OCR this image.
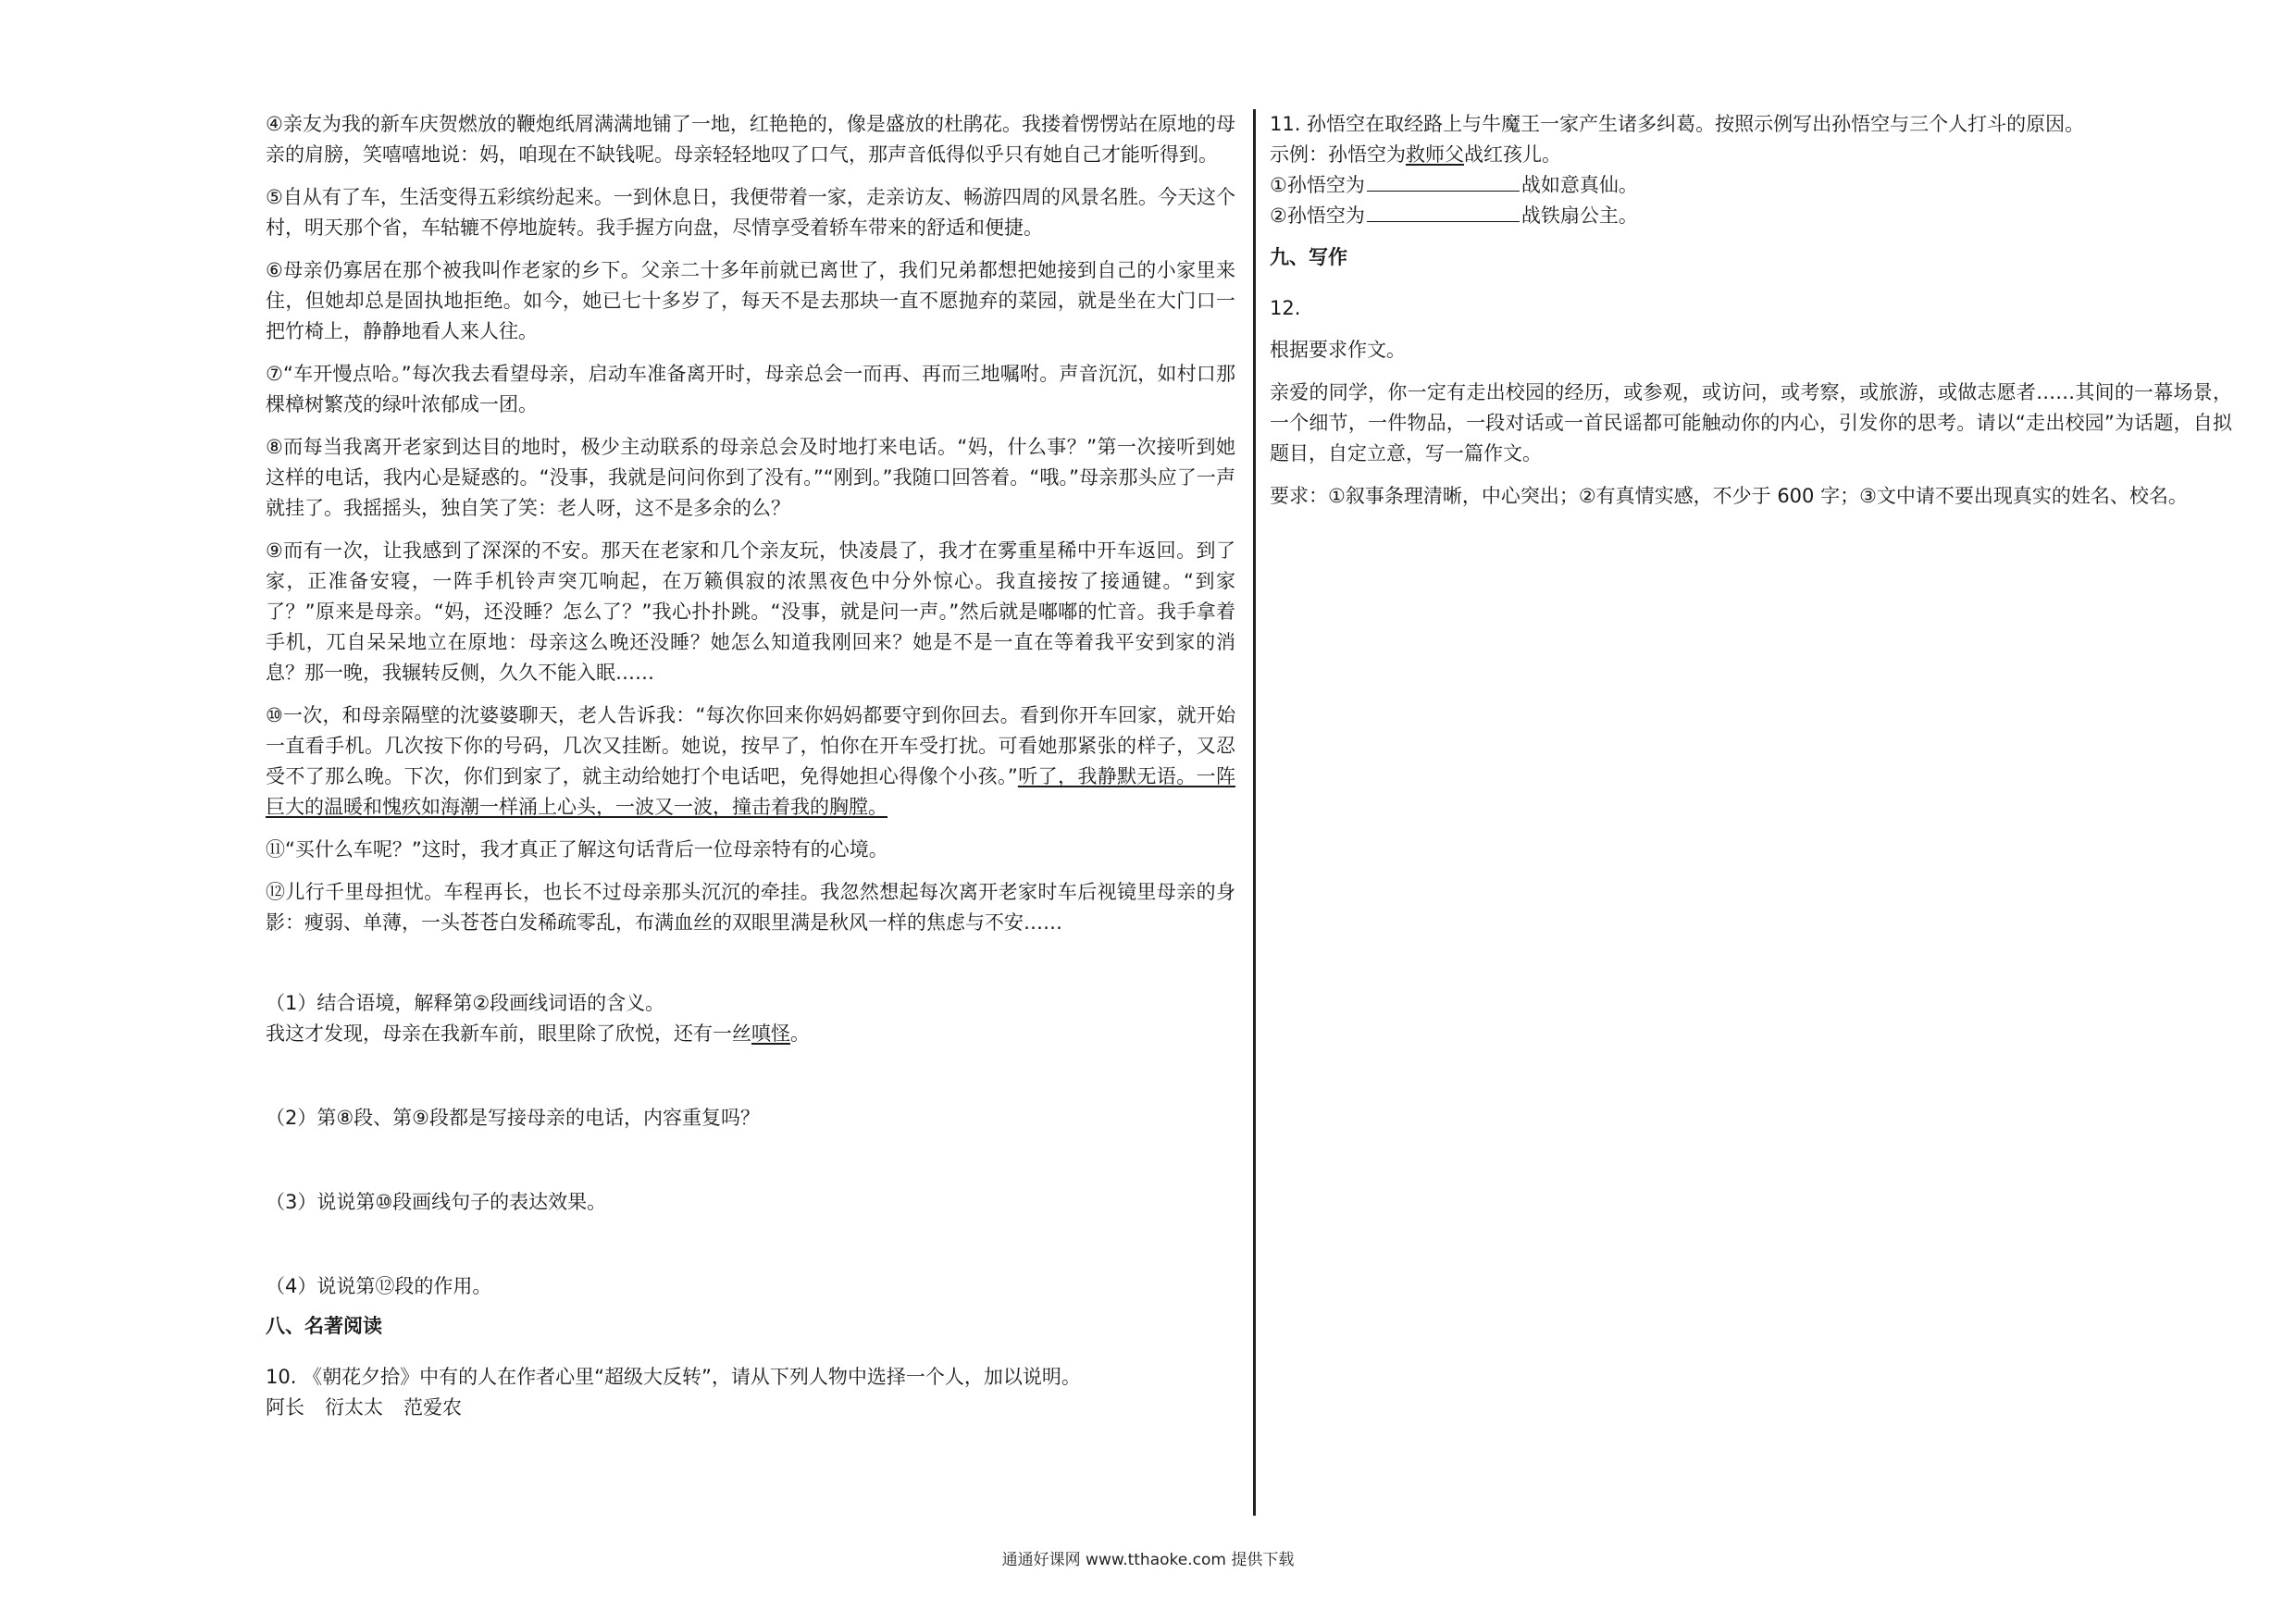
④亲友为我的新车庆贺燃放的鞭炮纸屑满满地铺了一地，红艳艳的，像是盛放的杜鹃花。我搂着愣愣站在原地的母亲的肩膀，笑嘻嘻地说：妈，咱现在不缺钱呢。母亲轻轻地叹了口气，那声音低得似乎只有她自己才能听得到。

⑤自从有了车，生活变得五彩缤纷起来。一到休息日，我便带着一家，走亲访友、畅游四周的风景名胜。今天这个村，明天那个省，车轱辘不停地旋转。我手握方向盘，尽情享受着轿车带来的舒适和便捷。

⑥母亲仍寡居在那个被我叫作老家的乡下。父亲二十多年前就已离世了，我们兄弟都想把她接到自己的小家里来住，但她却总是固执地拒绝。如今，她已七十多岁了，每天不是去那块一直不愿抛弃的菜园，就是坐在大门口一把竹椅上，静静地看人来人往。

⑦“车开慢点哈。”每次我去看望母亲，启动车准备离开时，母亲总会一而再、再而三地嘱咐。声音沉沉，如村口那棵樟树繁茂的绿叶浓郁成一团。

⑧而每当我离开老家到达目的地时，极少主动联系的母亲总会及时地打来电话。“妈，什么事？”第一次接听到她这样的电话，我内心是疑惑的。“没事，我就是问问你到了没有。”“刚到。”我随口回答着。“哦。”母亲那头应了一声就挂了。我摇摇头，独自笑了笑：老人呀，这不是多余的么？

⑨而有一次，让我感到了深深的不安。那天在老家和几个亲友玩，快凌晨了，我才在雾重星稀中开车返回。到了家，正准备安寝，一阵手机铃声突兀响起，在万籁俱寂的浓黑夜色中分外惊心。我直接按了接通键。“到家了？”原来是母亲。“妈，还没睡？怎么了？”我心扑扑跳。“没事，就是问一声。”然后就是嘟嘟的忙音。我手拿着手机，兀自呆呆地立在原地：母亲这么晚还没睡？她怎么知道我刚回来？她是不是一直在等着我平安到家的消息？那一晚，我辗转反侧，久久不能入眠……

⑩一次，和母亲隔壁的沈婆婆聊天，老人告诉我：“每次你回来你妈妈都要守到你回去。看到你开车回家，就开始一直看手机。几次按下你的号码，几次又挂断。她说，按早了，怕你在开车受打扰。可看她那紧张的样子，又忍受不了那么晚。下次，你们到家了，就主动给她打个电话吧，免得她担心得像个小孩。”听了，我静默无语。一阵巨大的温暖和愧疚如海潮一样涌上心头，一波又一波，撞击着我的胸膛。

⑪“买什么车呢？”这时，我才真正了解这句话背后一位母亲特有的心境。

⑫儿行千里母担忧。车程再长，也长不过母亲那头沉沉的牵挂。我忽然想起每次离开老家时车后视镜里母亲的身影：瘦弱、单薄，一头苍苍白发稀疏零乱，布满血丝的双眼里满是秋风一样的焦虑与不安……

（1）结合语境，解释第②段画线词语的含义。

我这才发现，母亲在我新车前，眼里除了欣悦，还有一丝嗔怪。

（2）第⑧段、第⑨段都是写接母亲的电话，内容重复吗？

（3）说说第⑩段画线句子的表达效果。

（4）说说第⑫段的作用。

八、名著阅读

10. 《朝花夕拾》中有的人在作者心里“超级大反转”，请从下列人物中选择一个人，加以说明。

阿长 衍太太 范爱农

11. 孙悟空在取经路上与牛魔王一家产生诸多纠葛。按照示例写出孙悟空与三个人打斗的原因。

示例：孙悟空为救师父战红孩儿。

①孙悟空为	战如意真仙。

②孙悟空为	战铁扇公主。

九、写作

12.

根据要求作文。

亲爱的同学，你一定有走出校园的经历，或参观，或访问，或考察，或旅游，或做志愿者……其间的一幕场景，一个细节，一件物品，一段对话或一首民谣都可能触动你的内心，引发你的思考。请以“走出校园”为话题，自拟题目，自定立意，写一篇作文。

要求：①叙事条理清晰，中心突出；②有真情实感，不少于 600 字；③文中请不要出现真实的姓名、校名。

通通好课网 www.tthaoke.com 提供下载
